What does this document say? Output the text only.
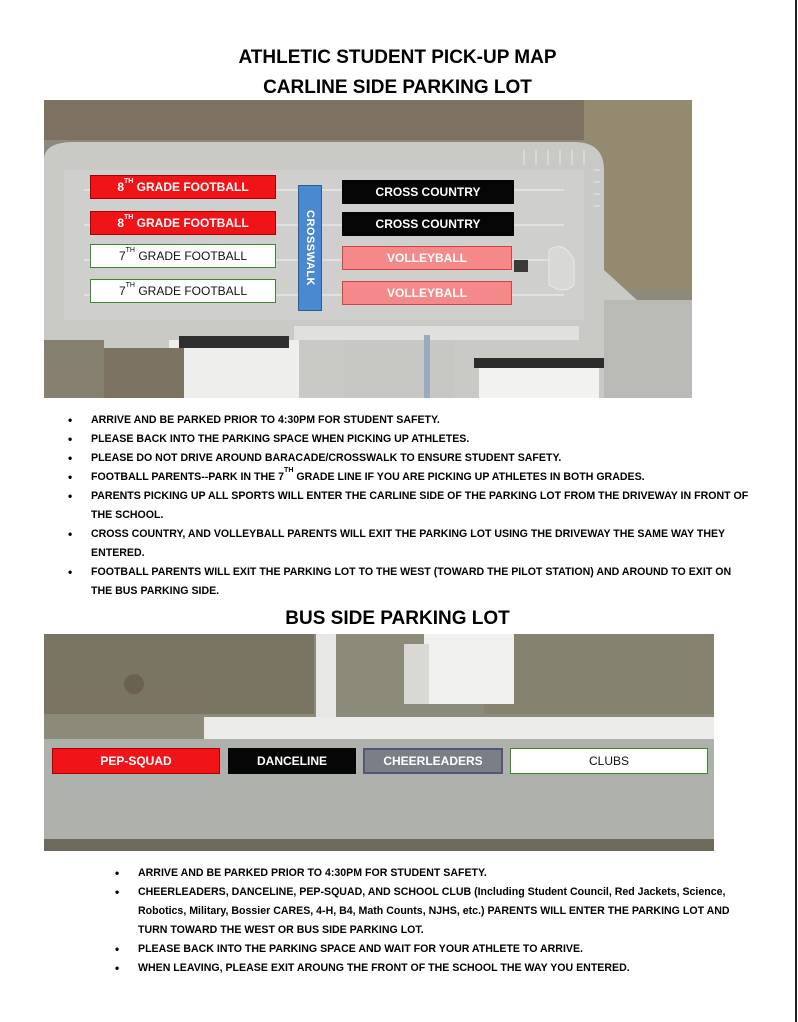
ATHLETIC STUDENT PICK-UP MAP
CARLINE SIDE PARKING LOT
8TH GRADE FOOTBALL
8TH GRADE FOOTBALL
7TH GRADE FOOTBALL
7TH GRADE FOOTBALL
CROSSWALK
CROSS COUNTRY
CROSS COUNTRY
VOLLEYBALL
VOLLEYBALL
• ARRIVE AND BE PARKED PRIOR TO 4:30PM FOR STUDENT SAFETY.
• PLEASE BACK INTO THE PARKING SPACE WHEN PICKING UP ATHLETES.
• PLEASE DO NOT DRIVE AROUND BARACADE/CROSSWALK TO ENSURE STUDENT SAFETY.
• FOOTBALL PARENTS--PARK IN THE 7TH GRADE LINE IF YOU ARE PICKING UP ATHLETES IN BOTH GRADES.
• PARENTS PICKING UP ALL SPORTS WILL ENTER THE CARLINE SIDE OF THE PARKING LOT FROM THE DRIVEWAY IN FRONT OF THE SCHOOL.
• CROSS COUNTRY, AND VOLLEYBALL PARENTS WILL EXIT THE PARKING LOT USING THE DRIVEWAY THE SAME WAY THEY ENTERED.
• FOOTBALL PARENTS WILL EXIT THE PARKING LOT TO THE WEST (TOWARD THE PILOT STATION) AND AROUND TO EXIT ON THE BUS PARKING SIDE.
BUS SIDE PARKING LOT
PEP-SQUAD	DANCELINE	CHEERLEADERS	CLUBS
• ARRIVE AND BE PARKED PRIOR TO 4:30PM FOR STUDENT SAFETY.
• CHEERLEADERS, DANCELINE, PEP-SQUAD, AND SCHOOL CLUB (Including Student Council, Red Jackets, Science, Robotics, Military, Bossier CARES, 4-H, B4, Math Counts, NJHS, etc.) PARENTS WILL ENTER THE PARKING LOT AND TURN TOWARD THE WEST OR BUS SIDE PARKING LOT.
• PLEASE BACK INTO THE PARKING SPACE AND WAIT FOR YOUR ATHLETE TO ARRIVE.
• WHEN LEAVING, PLEASE EXIT AROUNG THE FRONT OF THE SCHOOL THE WAY YOU ENTERED.
